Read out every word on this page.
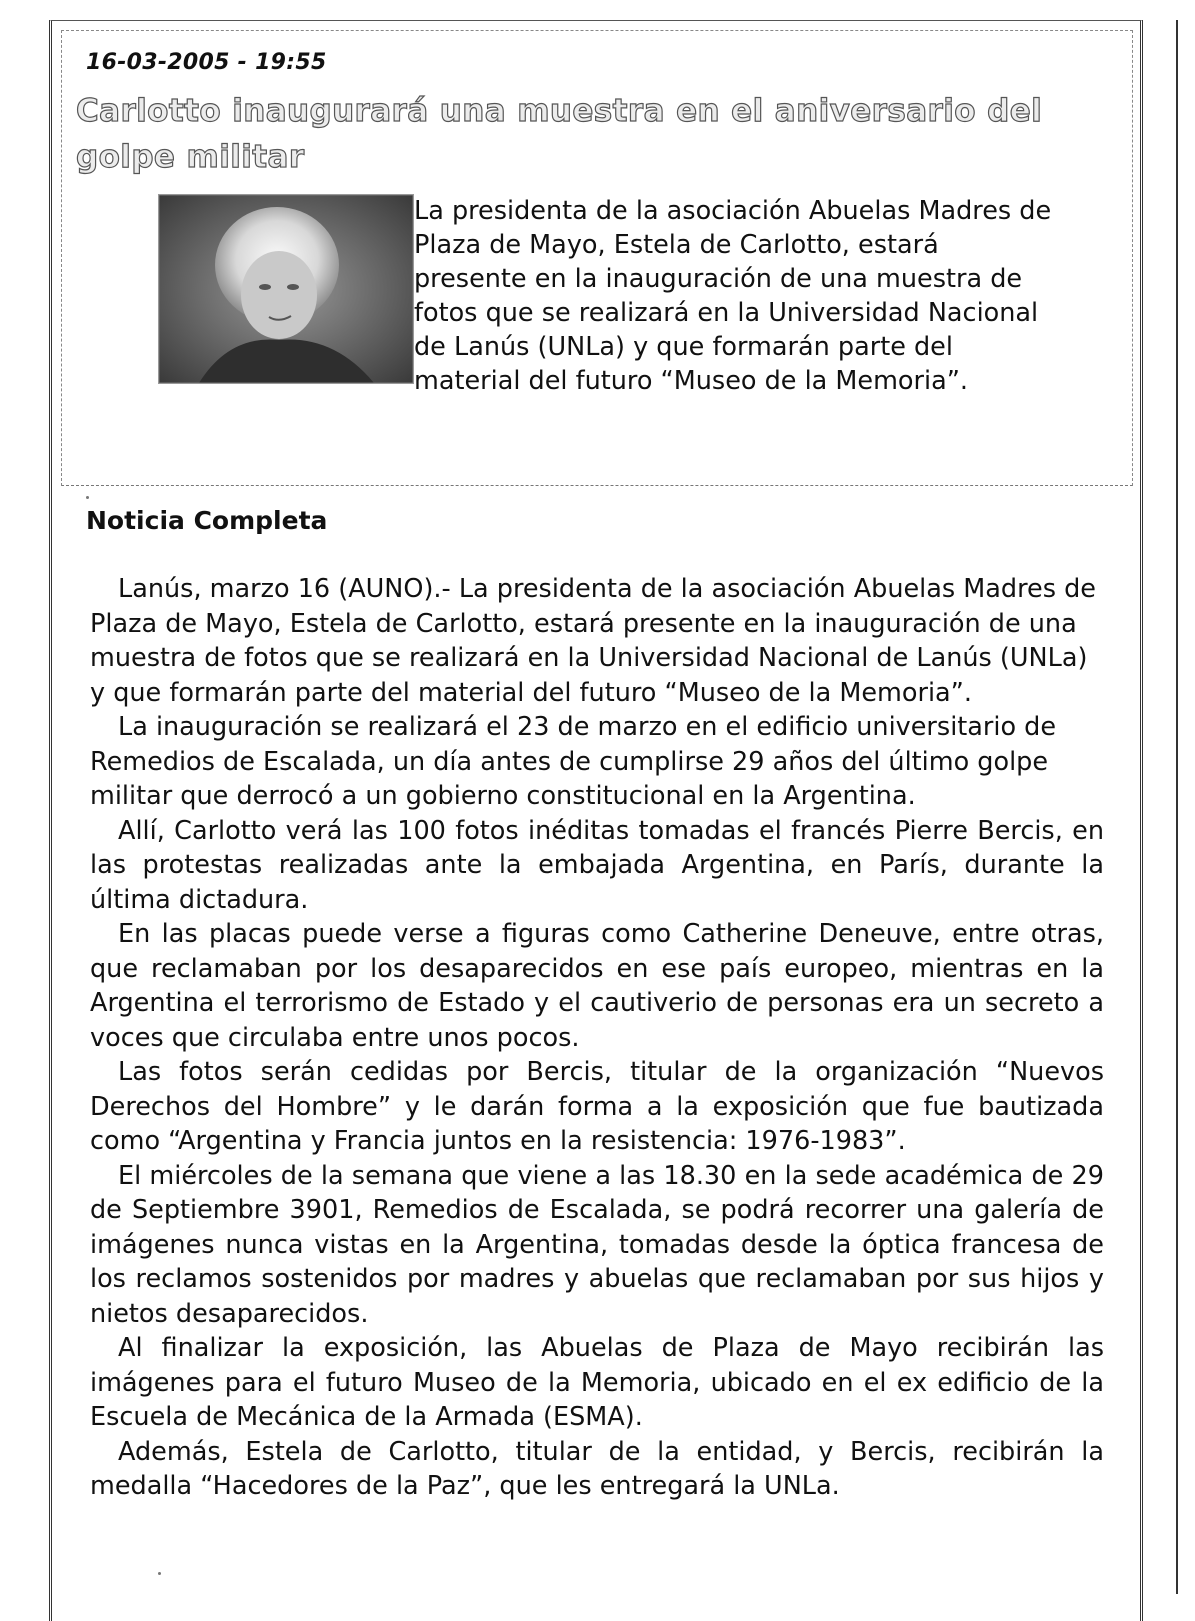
16-03-2005 - 19:55
Carlotto inaugurará una muestra en el aniversario del golpe militar
La presidenta de la asociación Abuelas Madres de Plaza de Mayo, Estela de Carlotto, estará presente en la inauguración de una muestra de fotos que se realizará en la Universidad Nacional de Lanús (UNLa) y que formarán parte del material del futuro “Museo de la Memoria”.
Noticia Completa

Lanús, marzo 16 (AUNO).- La presidenta de la asociación Abuelas Madres de Plaza de Mayo, Estela de Carlotto, estará presente en la inauguración de una muestra de fotos que se realizará en la Universidad Nacional de Lanús (UNLa) y que formarán parte del material del futuro “Museo de la Memoria”.

La inauguración se realizará el 23 de marzo en el edificio universitario de Remedios de Escalada, un día antes de cumplirse 29 años del último golpe militar que derrocó a un gobierno constitucional en la Argentina.

Allí, Carlotto verá las 100 fotos inéditas tomadas el francés Pierre Bercis, en las protestas realizadas ante la embajada Argentina, en París, durante la última dictadura.

En las placas puede verse a figuras como Catherine Deneuve, entre otras, que reclamaban por los desaparecidos en ese país europeo, mientras en la Argentina el terrorismo de Estado y el cautiverio de personas era un secreto a voces que circulaba entre unos pocos.

Las fotos serán cedidas por Bercis, titular de la organización “Nuevos Derechos del Hombre” y le darán forma a la exposición que fue bautizada como “Argentina y Francia juntos en la resistencia: 1976-1983”.

El miércoles de la semana que viene a las 18.30 en la sede académica de 29 de Septiembre 3901, Remedios de Escalada, se podrá recorrer una galería de imágenes nunca vistas en la Argentina, tomadas desde la óptica francesa de los reclamos sostenidos por madres y abuelas que reclamaban por sus hijos y nietos desaparecidos.

Al finalizar la exposición, las Abuelas de Plaza de Mayo recibirán las imágenes para el futuro Museo de la Memoria, ubicado en el ex edificio de la Escuela de Mecánica de la Armada (ESMA).

Además, Estela de Carlotto, titular de la entidad, y Bercis, recibirán la medalla “Hacedores de la Paz”, que les entregará la UNLa.
